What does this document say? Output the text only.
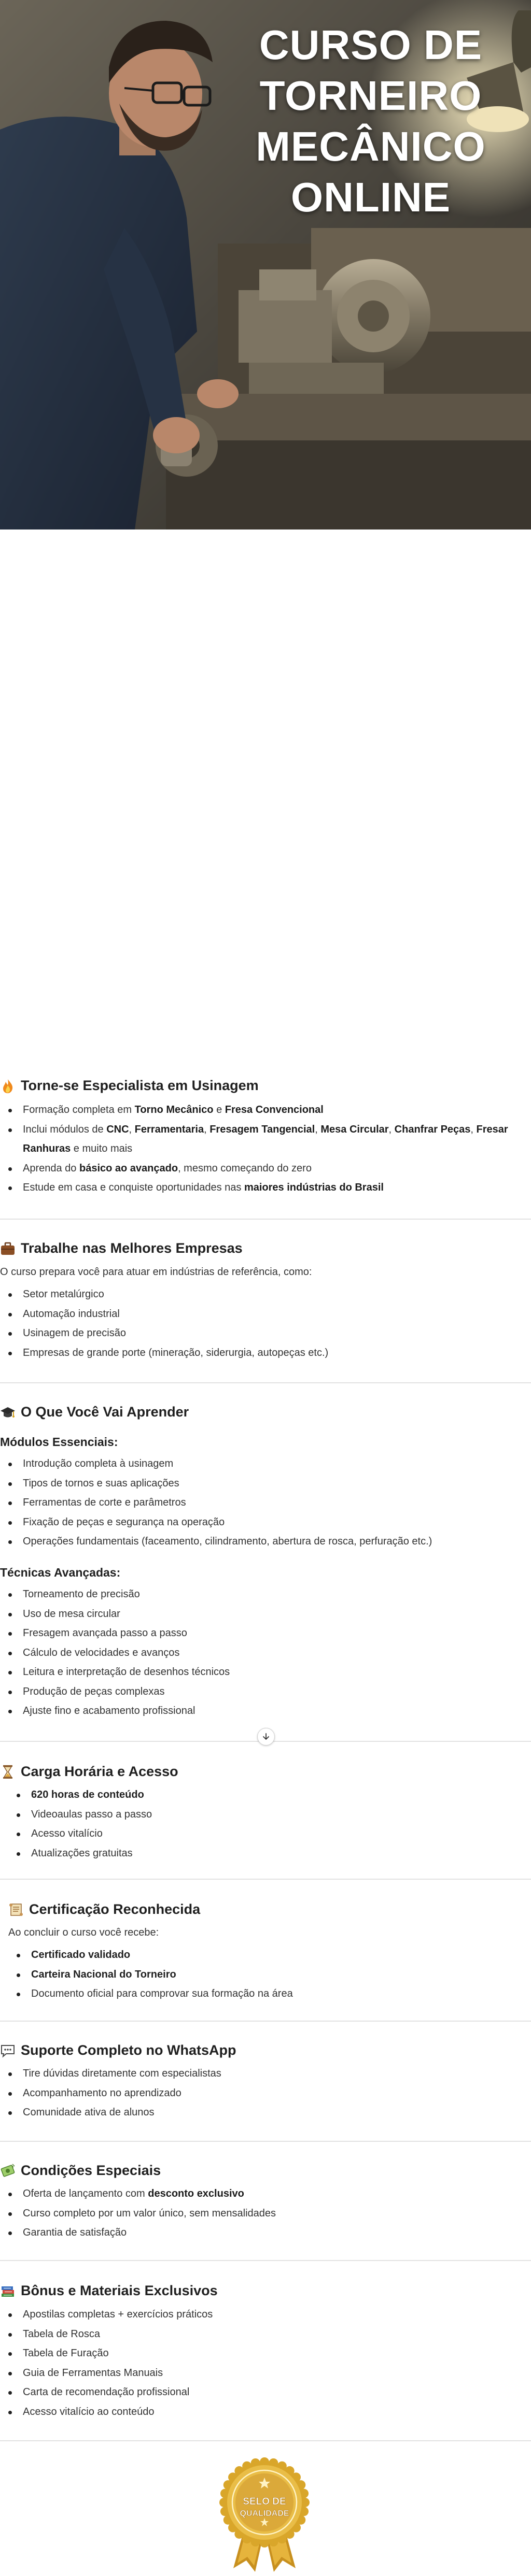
CURSO DE
TORNEIRO
MECÂNICO
ONLINE
Torne-se Especialista em Usinagem
Formação completa em Torno Mecânico e Fresa Convencional
Inclui módulos de CNC, Ferramentaria, Fresagem Tangencial, Mesa Circular, Chanfrar Peças, Fresar Ranhuras e muito mais
Aprenda do básico ao avançado, mesmo começando do zero
Estude em casa e conquiste oportunidades nas maiores indústrias do Brasil
Trabalhe nas Melhores Empresas
O curso prepara você para atuar em indústrias de referência, como:
Setor metalúrgico
Automação industrial
Usinagem de precisão
Empresas de grande porte (mineração, siderurgia, autopeças etc.)
O Que Você Vai Aprender
Módulos Essenciais:
Introdução completa à usinagem
Tipos de tornos e suas aplicações
Ferramentas de corte e parâmetros
Fixação de peças e segurança na operação
Operações fundamentais (faceamento, cilindramento, abertura de rosca, perfuração etc.)
Técnicas Avançadas:
Torneamento de precisão
Uso de mesa circular
Fresagem avançada passo a passo
Cálculo de velocidades e avanços
Leitura e interpretação de desenhos técnicos
Produção de peças complexas
Ajuste fino e acabamento profissional
Carga Horária e Acesso
620 horas de conteúdo
Videoaulas passo a passo
Acesso vitalício
Atualizações gratuitas
Certificação Reconhecida
Ao concluir o curso você recebe:
Certificado validado
Carteira Nacional do Torneiro
Documento oficial para comprovar sua formação na área
Suporte Completo no WhatsApp
Tire dúvidas diretamente com especialistas
Acompanhamento no aprendizado
Comunidade ativa de alunos
Condições Especiais
Oferta de lançamento com desconto exclusivo
Curso completo por um valor único, sem mensalidades
Garantia de satisfação
Bônus e Materiais Exclusivos
Apostilas completas + exercícios práticos
Tabela de Rosca
Tabela de Furação
Guia de Ferramentas Manuais
Carta de recomendação profissional
Acesso vitalício ao conteúdo
SELO DE
QUALIDADE
